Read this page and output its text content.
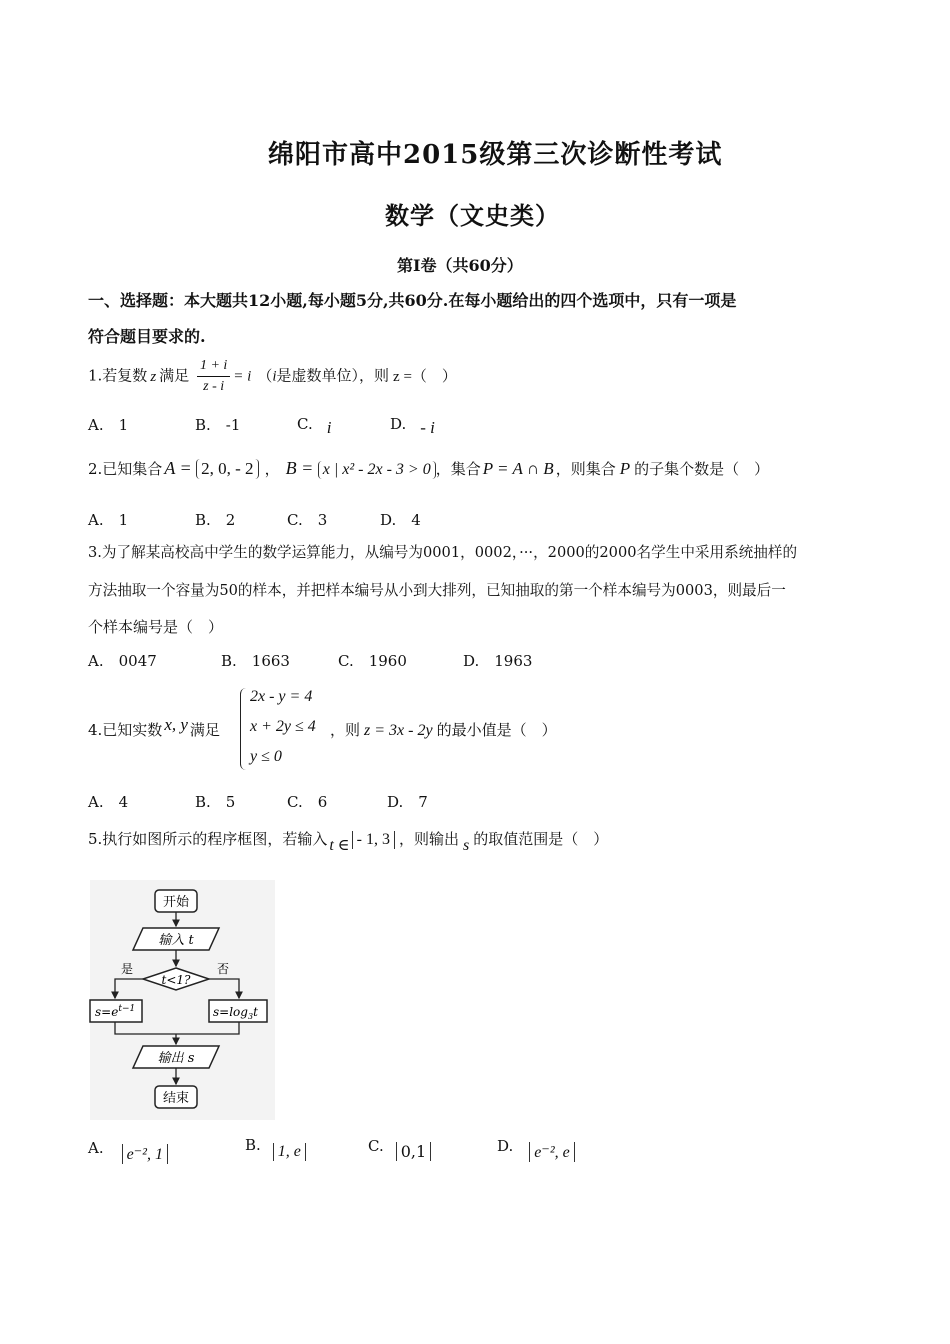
绵阳市高中2015级第三次诊断性考试
数学（文史类）
第Ⅰ卷（共60分）
一、选择题：本大题共12小题,每小题5分,共60分.在每小题给出的四个选项中，只有一项是
符合题目要求的.
1.若复数 z 满足 $\frac{1 + i}{z - i} = i$ （i是虚数单位），则 z =（　）
A.　1	B.　-1	C. i	D. - i
2.已知集合 A = 2, 0, - 2 ， B = x | x² - 2x - 3 > 0 ，集合 P = A ∩ B ，则集合 P 的子集个数是（　）
A.　1	B.　2	C.　3	D.　4
3.为了解某高校高中学生的数学运算能力，从编号为0001，0002，···，2000的2000名学生中采用系统抽样的
方法抽取一个容量为50的样本，并把样本编号从小到大排列，已知抽取的第一个样本编号为0003，则最后一
个样本编号是（　）
A.　0047	B.　1663	C.　1960	D.　1963
4.已知实数 x, y 满足
2x - y = 4
x + 2y ≤ 4
y ≤ 0
，则 z = 3x - 2y 的最小值是（　）
A.　4	B.　5	C.　6	D.　7
5.执行如图所示的程序框图，若输入 t ∈ - 1, 3 ，则输出 s 的取值范围是（　）
开始
输入 t
t<1?
是	否
$s=e^{t-1}$	$s=\log_3t$
输出 s
结束
A. e⁻², 1
B. 1, e	C. 0,1	D. e⁻², e
